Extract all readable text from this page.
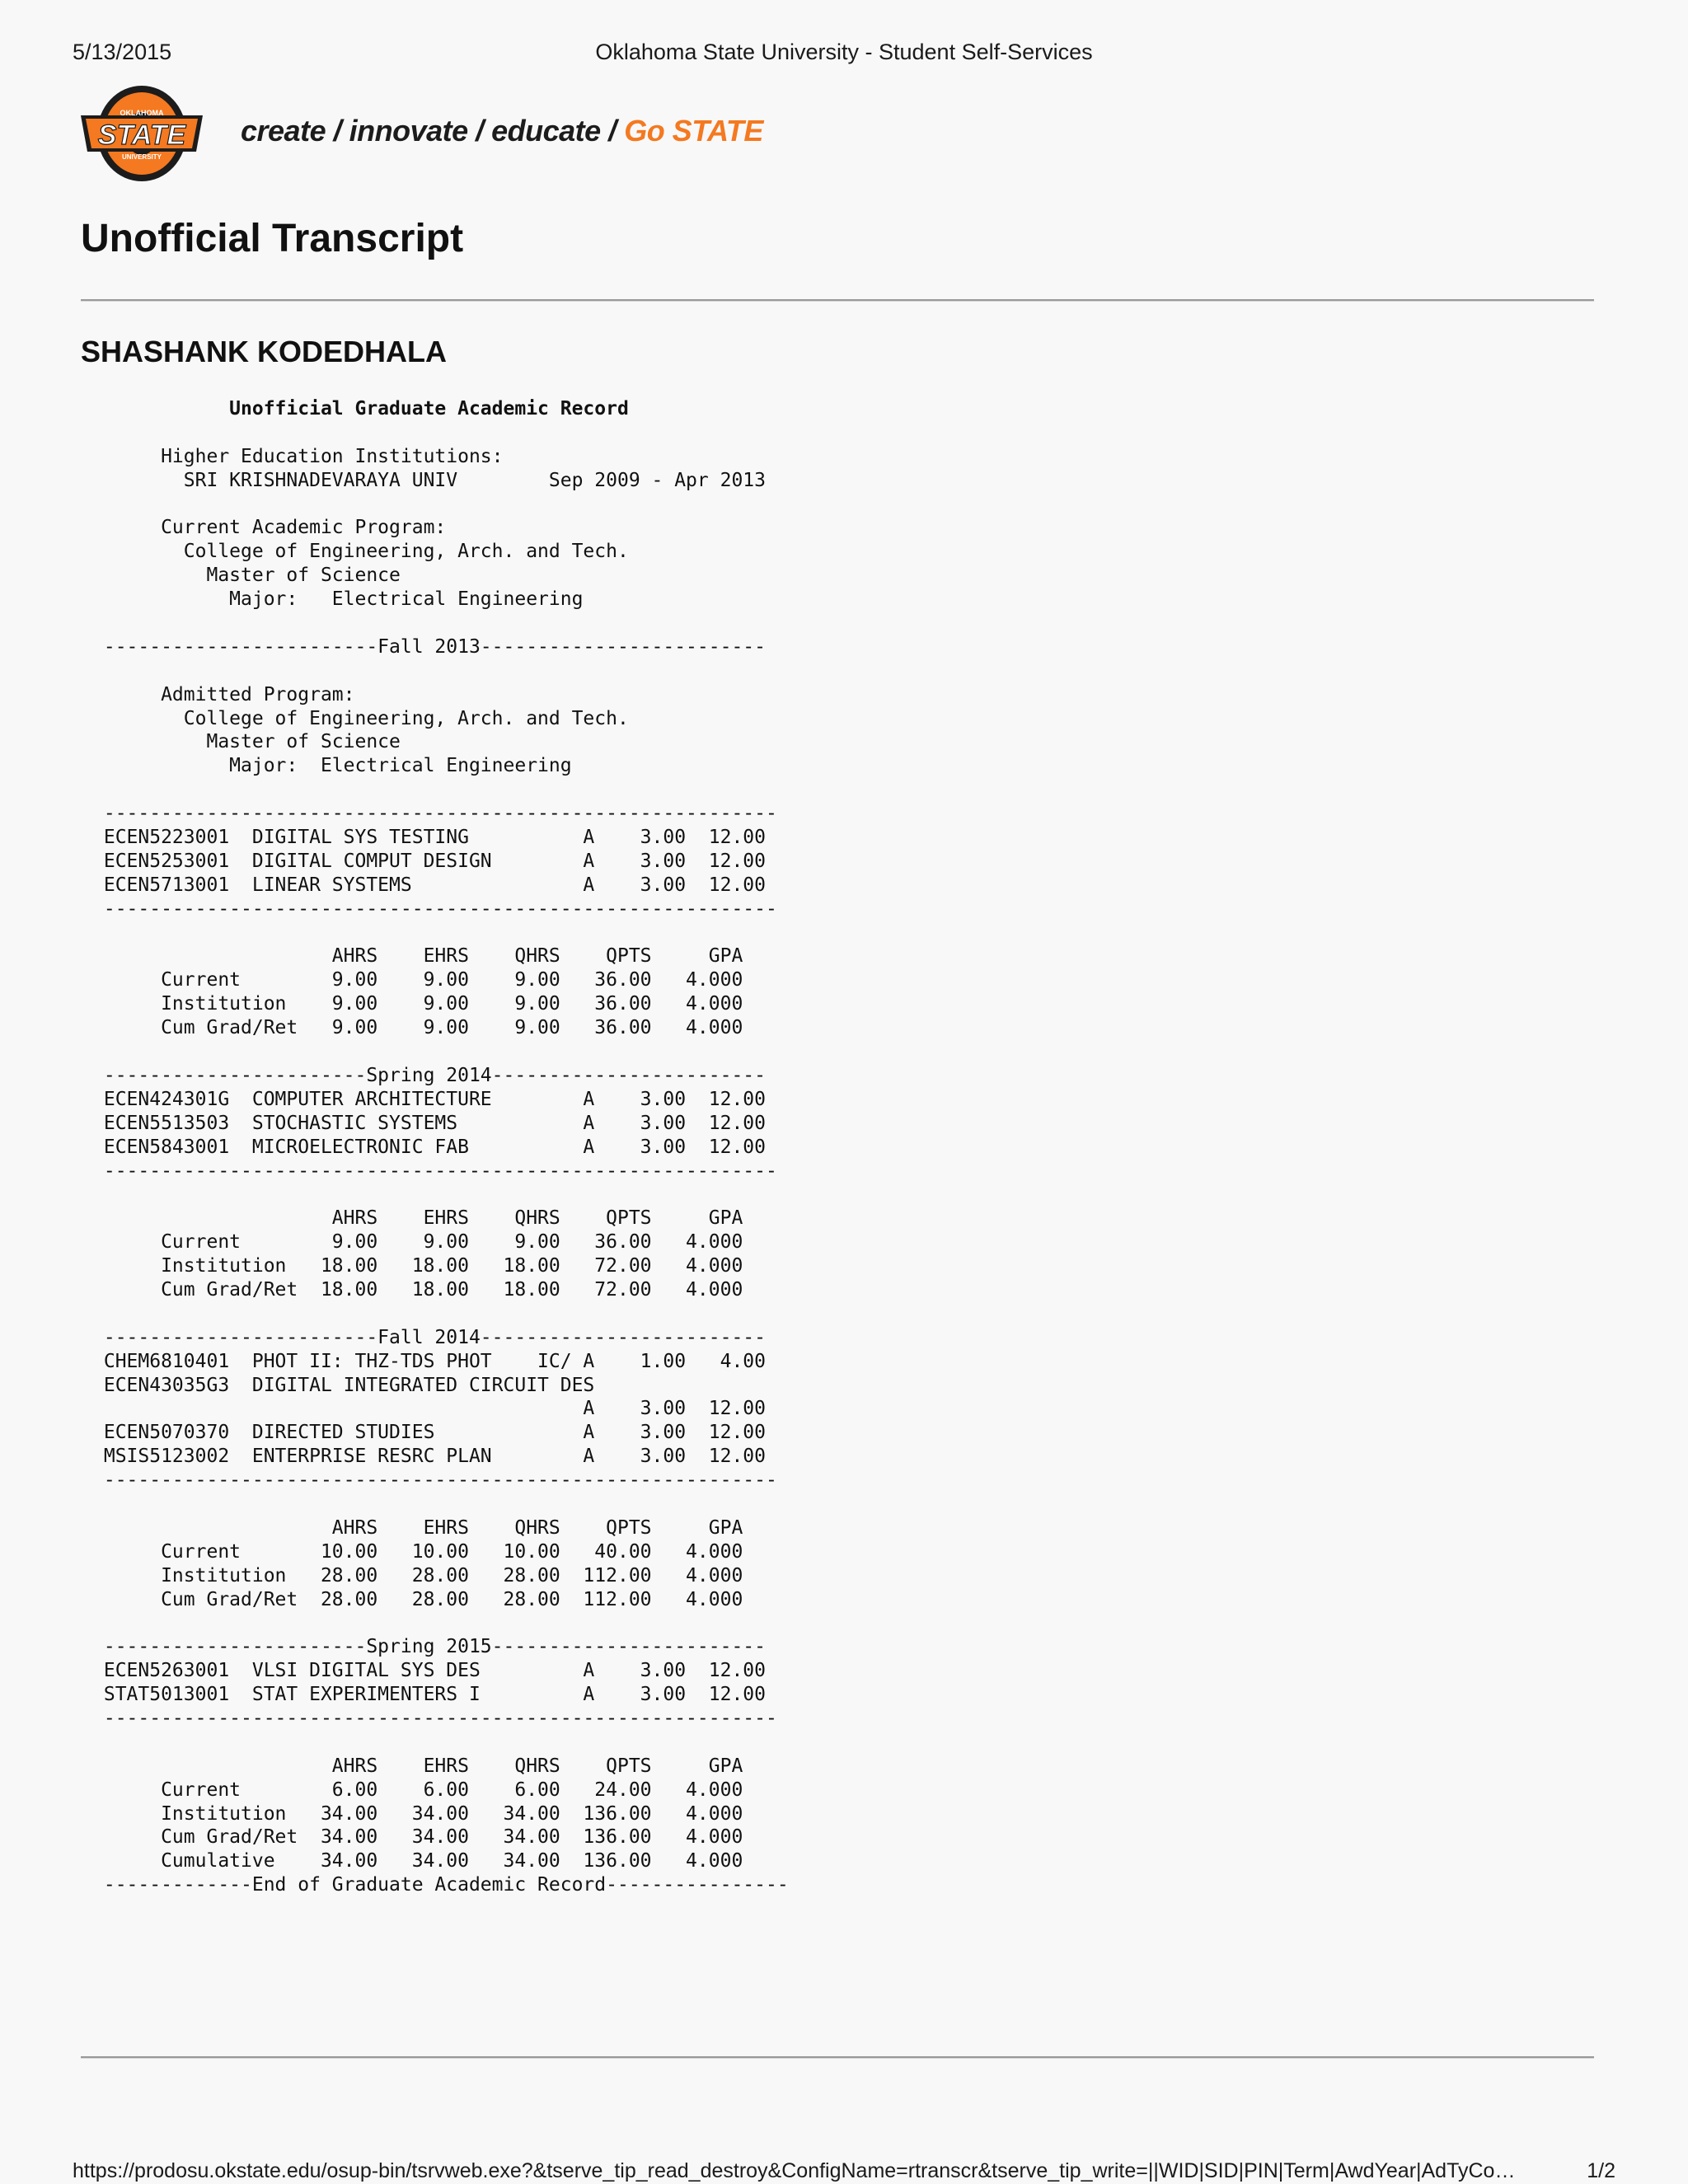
5/13/2015	Oklahoma State University - Student Self-Services
OKLAHOMA
STATE
UNIVERSITY
create / innovate / educate / Go STATE
Unofficial Transcript
SHASHANK KODEDHALA
Unofficial Graduate Academic Record
Higher Education Institutions:
SRI KRISHNADEVARAYA UNIV        Sep 2009 - Apr 2013
Current Academic Program:
College of Engineering, Arch. and Tech.
Master of Science
Major:   Electrical Engineering
------------------------Fall 2013-------------------------
Admitted Program:
College of Engineering, Arch. and Tech.
Master of Science
Major:  Electrical Engineering
-----------------------------------------------------------
ECEN5223001  DIGITAL SYS TESTING          A    3.00  12.00
ECEN5253001  DIGITAL COMPUT DESIGN        A    3.00  12.00
ECEN5713001  LINEAR SYSTEMS               A    3.00  12.00
-----------------------------------------------------------
AHRS    EHRS    QHRS    QPTS     GPA
Current        9.00    9.00    9.00   36.00   4.000
Institution    9.00    9.00    9.00   36.00   4.000
Cum Grad/Ret   9.00    9.00    9.00   36.00   4.000
-----------------------Spring 2014------------------------
ECEN424301G  COMPUTER ARCHITECTURE        A    3.00  12.00
ECEN5513503  STOCHASTIC SYSTEMS           A    3.00  12.00
ECEN5843001  MICROELECTRONIC FAB          A    3.00  12.00
-----------------------------------------------------------
AHRS    EHRS    QHRS    QPTS     GPA
Current        9.00    9.00    9.00   36.00   4.000
Institution   18.00   18.00   18.00   72.00   4.000
Cum Grad/Ret  18.00   18.00   18.00   72.00   4.000
------------------------Fall 2014-------------------------
CHEM6810401  PHOT II: THZ-TDS PHOT    IC/ A    1.00   4.00
ECEN43035G3  DIGITAL INTEGRATED CIRCUIT DES
A    3.00  12.00
ECEN5070370  DIRECTED STUDIES             A    3.00  12.00
MSIS5123002  ENTERPRISE RESRC PLAN        A    3.00  12.00
-----------------------------------------------------------
AHRS    EHRS    QHRS    QPTS     GPA
Current       10.00   10.00   10.00   40.00   4.000
Institution   28.00   28.00   28.00  112.00   4.000
Cum Grad/Ret  28.00   28.00   28.00  112.00   4.000
-----------------------Spring 2015------------------------
ECEN5263001  VLSI DIGITAL SYS DES         A    3.00  12.00
STAT5013001  STAT EXPERIMENTERS I         A    3.00  12.00
-----------------------------------------------------------
AHRS    EHRS    QHRS    QPTS     GPA
Current        6.00    6.00    6.00   24.00   4.000
Institution   34.00   34.00   34.00  136.00   4.000
Cum Grad/Ret  34.00   34.00   34.00  136.00   4.000
Cumulative    34.00   34.00   34.00  136.00   4.000
-------------End of Graduate Academic Record----------------
https://prodosu.okstate.edu/osup-bin/tsrvweb.exe?&tserve_tip_read_destroy&ConfigName=rtranscr&tserve_tip_write=||WID|SID|PIN|Term|AwdYear|AdTyCo…	1/2
